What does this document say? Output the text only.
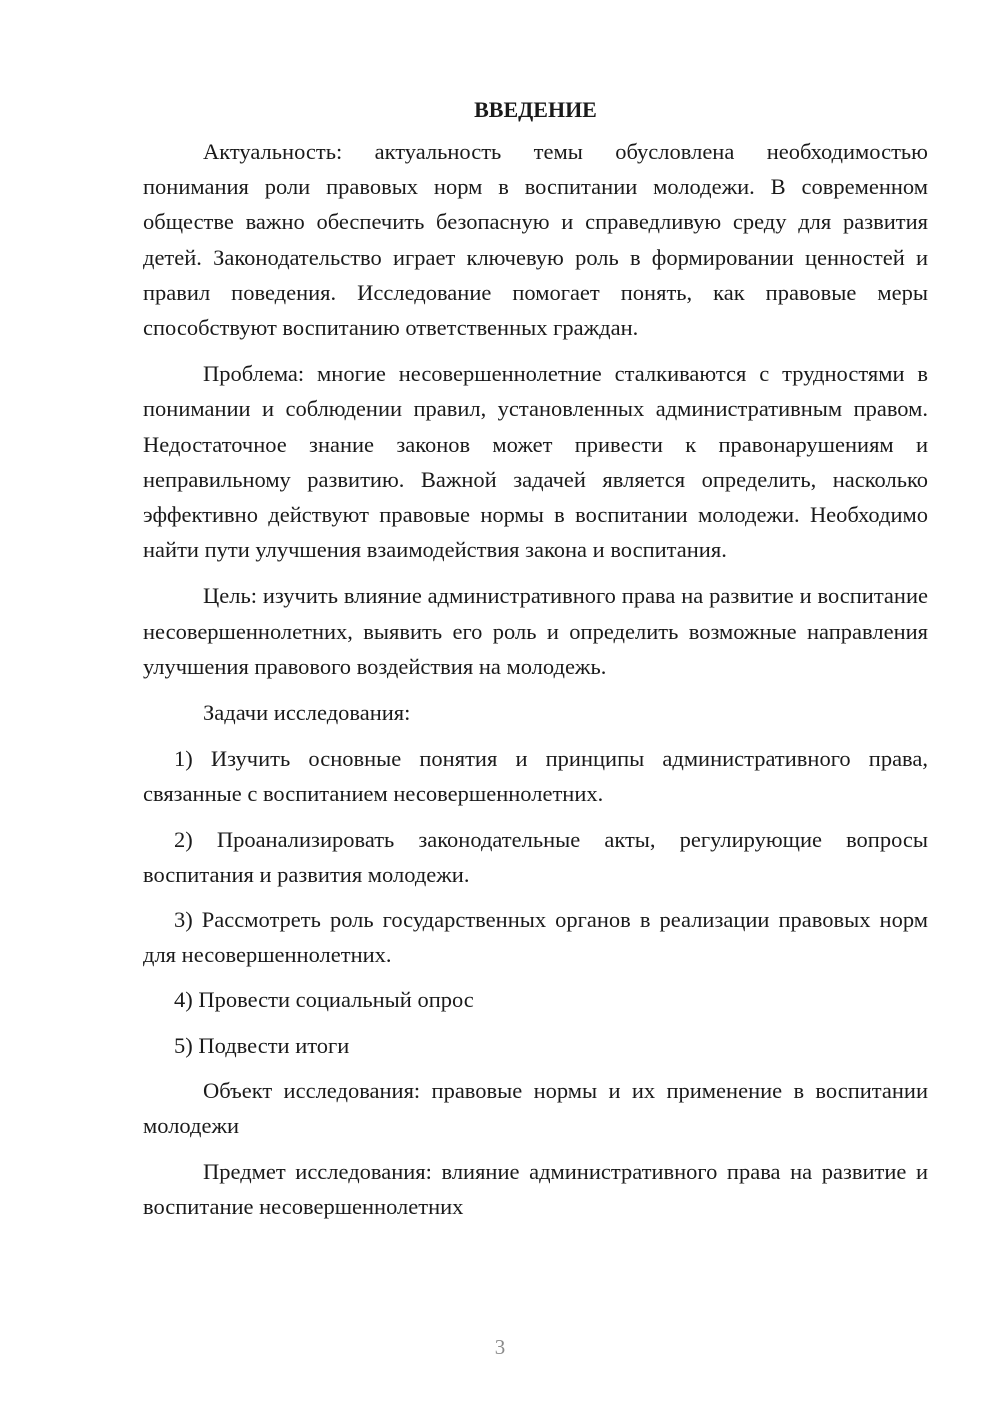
ВВЕДЕНИЕ

Актуальность: актуальность темы обусловлена необходимостью понимания роли правовых норм в воспитании молодежи. В современном обществе важно обеспечить безопасную и справедливую среду для развития детей. Законодательство играет ключевую роль в формировании ценностей и правил поведения. Исследование помогает понять, как правовые меры способствуют воспитанию ответственных граждан.

Проблема: многие несовершеннолетние сталкиваются с трудностями в понимании и соблюдении правил, установленных административным правом. Недостаточное знание законов может привести к правонарушениям и неправильному развитию. Важной задачей является определить, насколько эффективно действуют правовые нормы в воспитании молодежи. Необходимо найти пути улучшения взаимодействия закона и воспитания.

Цель: изучить влияние административного права на развитие и воспитание несовершеннолетних, выявить его роль и определить возможные направления улучшения правового воздействия на молодежь.

Задачи исследования:

1) Изучить основные понятия и принципы административного права, связанные с воспитанием несовершеннолетних.

2) Проанализировать законодательные акты, регулирующие вопросы воспитания и развития молодежи.

3) Рассмотреть роль государственных органов в реализации правовых норм для несовершеннолетних.

4) Провести социальный опрос

5) Подвести итоги

Объект исследования: правовые нормы и их применение в воспитании молодежи

Предмет исследования: влияние административного права на развитие и воспитание несовершеннолетних

3
